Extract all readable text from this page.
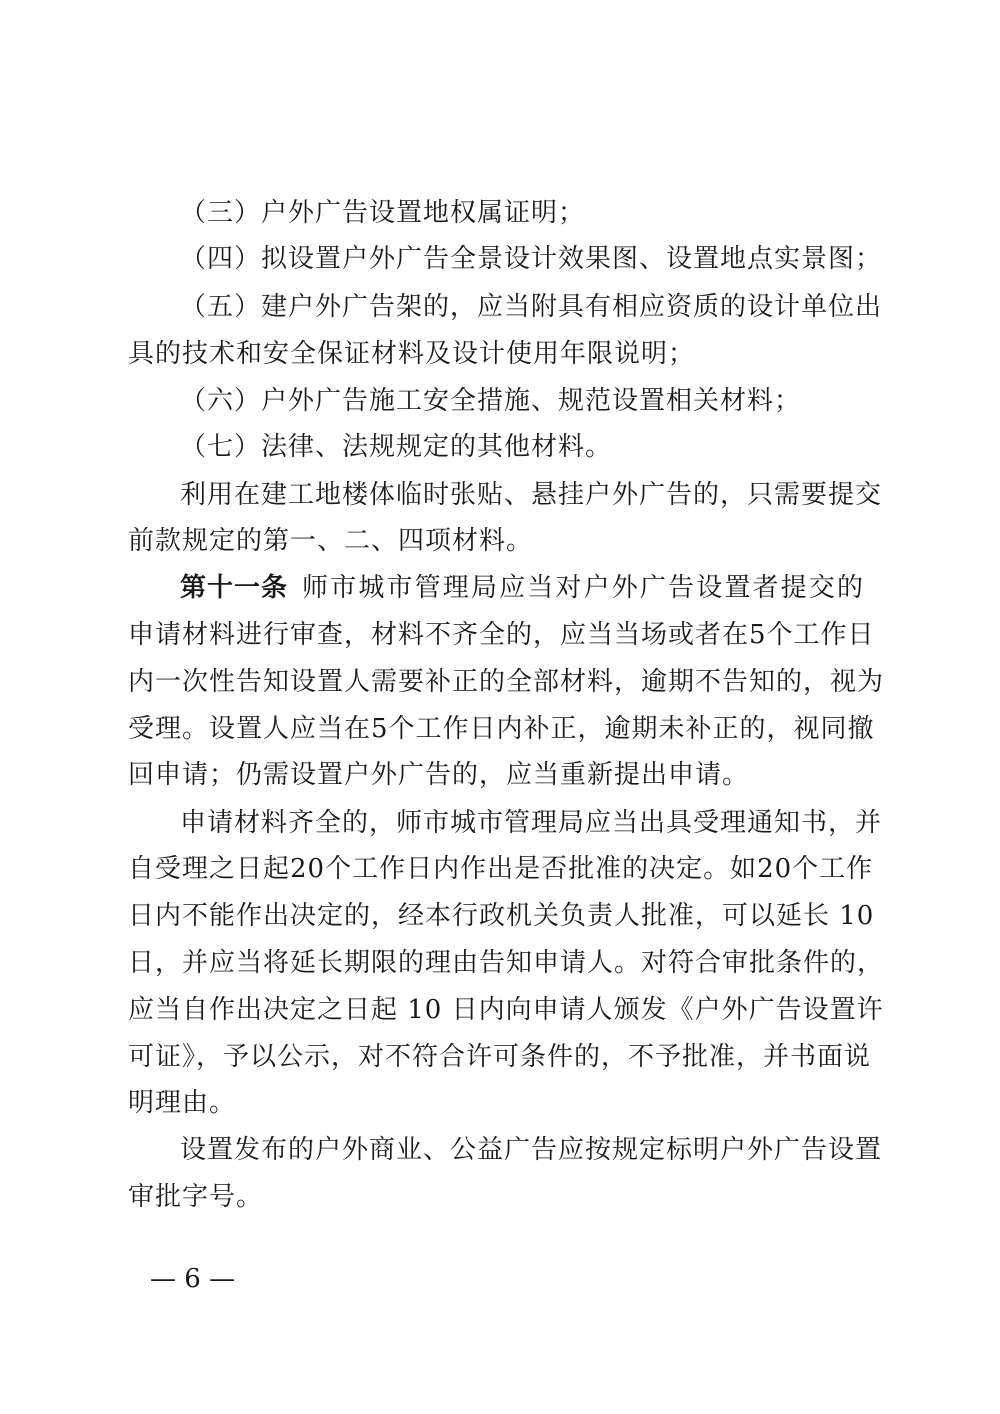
（三）户外广告设置地权属证明；
（四）拟设置户外广告全景设计效果图、设置地点实景图；
（五）建户外广告架的，应当附具有相应资质的设计单位出
具的技术和安全保证材料及设计使用年限说明；
（六）户外广告施工安全措施、规范设置相关材料；
（七）法律、法规规定的其他材料。
利用在建工地楼体临时张贴、悬挂户外广告的，只需要提交
前款规定的第一、二、四项材料。
第十一条 师市城市管理局应当对户外广告设置者提交的
申请材料进行审查，材料不齐全的，应当当场或者在5个工作日
内一次性告知设置人需要补正的全部材料，逾期不告知的，视为
受理。设置人应当在5个工作日内补正，逾期未补正的，视同撤
回申请；仍需设置户外广告的，应当重新提出申请。
申请材料齐全的，师市城市管理局应当出具受理通知书，并
自受理之日起20个工作日内作出是否批准的决定。如20个工作
日内不能作出决定的，经本行政机关负责人批准，可以延长 10
日，并应当将延长期限的理由告知申请人。对符合审批条件的，
应当自作出决定之日起 10 日内向申请人颁发《户外广告设置许
可证》，予以公示，对不符合许可条件的，不予批准，并书面说
明理由。
设置发布的户外商业、公益广告应按规定标明户外广告设置
审批字号。
— 6 —
